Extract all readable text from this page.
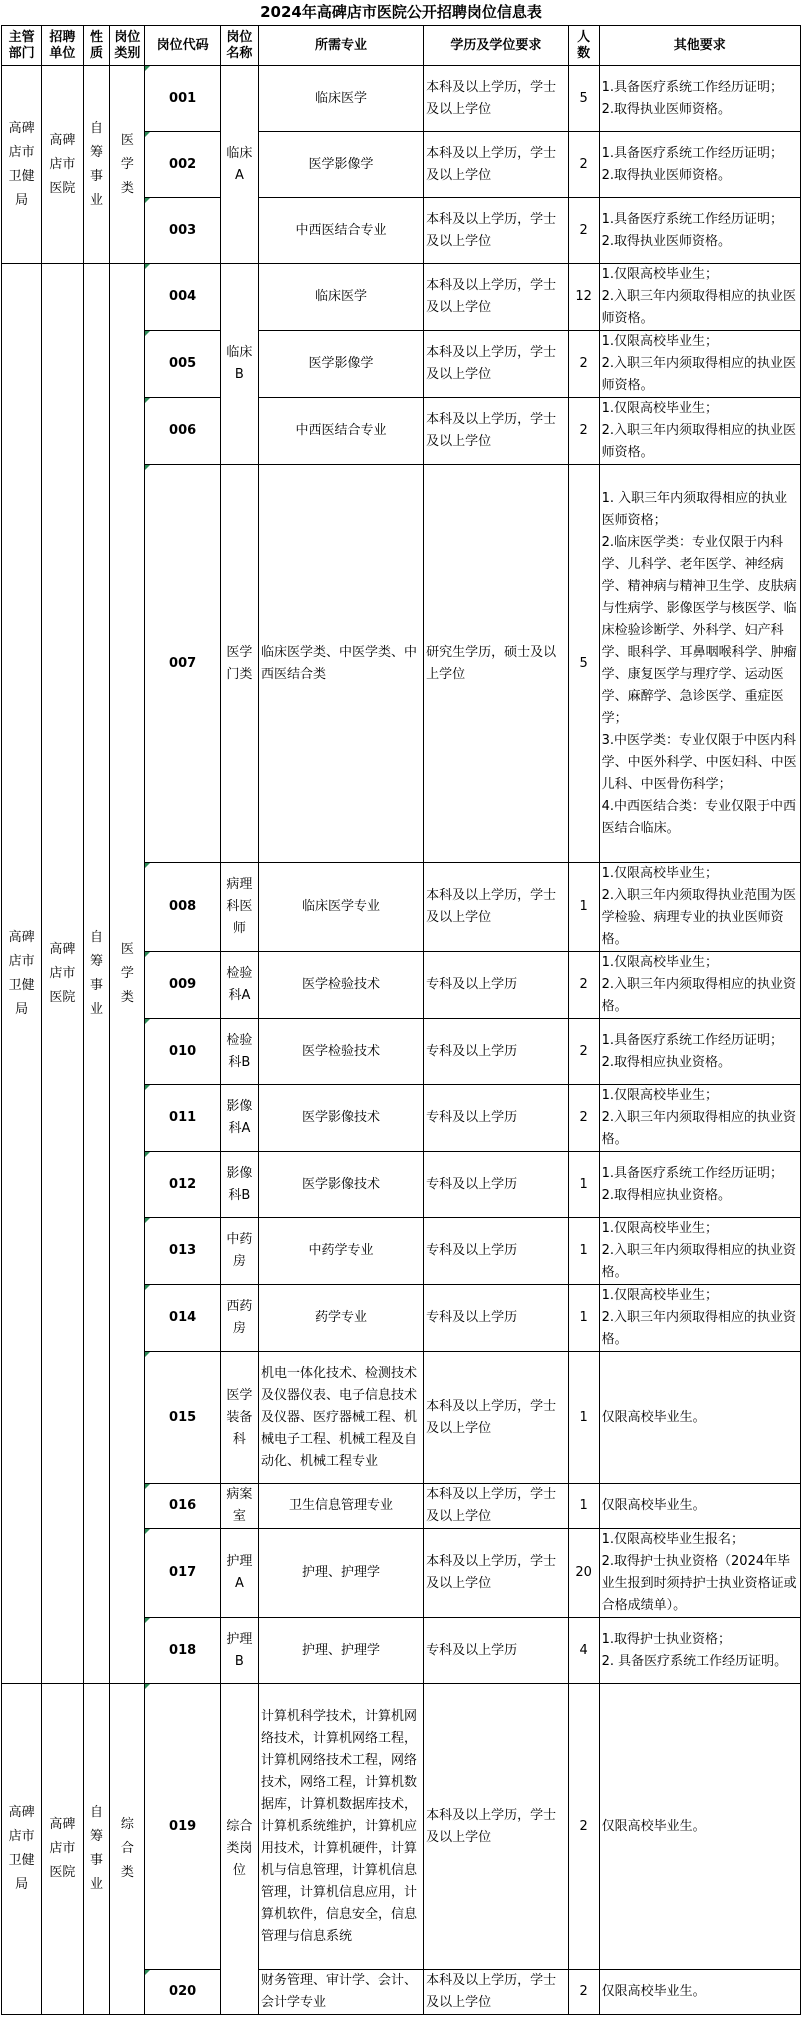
2024年高碑店市医院公开招聘岗位信息表
主管部门	招聘单位	性质	岗位类别	岗位代码	岗位名称	所需专业	学历及学位要求	人数	其他要求
高碑店市卫健局	高碑店市医院	自筹事业	医学类	001	临床A	临床医学	本科及以上学历，学士及以上学位	5	1.具备医疗系统工作经历证明；
2.取得执业医师资格。
				002		医学影像学	本科及以上学历，学士及以上学位	2	1.具备医疗系统工作经历证明；
2.取得执业医师资格。
				003		中西医结合专业	本科及以上学历，学士及以上学位	2	1.具备医疗系统工作经历证明；
2.取得执业医师资格。
高碑店市卫健局	高碑店市医院	自筹事业	医学类	004	临床B	临床医学	本科及以上学历，学士及以上学位	12	1.仅限高校毕业生；
2.入职三年内须取得相应的执业医师资格。
				005		医学影像学	本科及以上学历，学士及以上学位	2	1.仅限高校毕业生；
2.入职三年内须取得相应的执业医师资格。
				006		中西医结合专业	本科及以上学历，学士及以上学位	2	1.仅限高校毕业生；
2.入职三年内须取得相应的执业医师资格。
				007	医学门类	临床医学类、中医学类、中西医结合类	研究生学历，硕士及以上学位	5	1. 入职三年内须取得相应的执业医师资格；
2.临床医学类：专业仅限于内科学、儿科学、老年医学、神经病学、精神病与精神卫生学、皮肤病与性病学、影像医学与核医学、临床检验诊断学、外科学、妇产科学、眼科学、耳鼻咽喉科学、肿瘤学、康复医学与理疗学、运动医学、麻醉学、急诊医学、重症医学；
3.中医学类：专业仅限于中医内科学、中医外科学、中医妇科、中医儿科、中医骨伤科学；
4.中西医结合类：专业仅限于中西医结合临床。
				008	病理科医师	临床医学专业	本科及以上学历，学士及以上学位	1	1.仅限高校毕业生；
2.入职三年内须取得执业范围为医学检验、病理专业的执业医师资格。
				009	检验科A	医学检验技术	专科及以上学历	2	1.仅限高校毕业生；
2.入职三年内须取得相应的执业资格。
				010	检验科B	医学检验技术	专科及以上学历	2	1.具备医疗系统工作经历证明；
2.取得相应执业资格。
				011	影像科A	医学影像技术	专科及以上学历	2	1.仅限高校毕业生；
2.入职三年内须取得相应的执业资格。
				012	影像科B	医学影像技术	专科及以上学历	1	1.具备医疗系统工作经历证明；
2.取得相应执业资格。
				013	中药房	中药学专业	专科及以上学历	1	1.仅限高校毕业生；
2.入职三年内须取得相应的执业资格。
				014	西药房	药学专业	专科及以上学历	1	1.仅限高校毕业生；
2.入职三年内须取得相应的执业资格。
				015	医学装备科	机电一体化技术、检测技术及仪器仪表、电子信息技术及仪器、医疗器械工程、机械电子工程、机械工程及自动化、机械工程专业	本科及以上学历，学士及以上学位	1	仅限高校毕业生。
				016	病案室	卫生信息管理专业	本科及以上学历，学士及以上学位	1	仅限高校毕业生。
				017	护理A	护理、护理学	本科及以上学历，学士及以上学位	20	1.仅限高校毕业生报名；
2.取得护士执业资格（2024年毕业生报到时须持护士执业资格证或合格成绩单）。
				018	护理B	护理、护理学	专科及以上学历	4	1.取得护士执业资格；
2. 具备医疗系统工作经历证明。
高碑店市卫健局	高碑店市医院	自筹事业	综合类	019	综合类岗位	计算机科学技术，计算机网络技术，计算机网络工程，计算机网络技术工程，网络技术，网络工程，计算机数据库，计算机数据库技术，计算机系统维护，计算机应用技术，计算机硬件，计算机与信息管理，计算机信息管理，计算机信息应用，计算机软件，信息安全，信息管理与信息系统	本科及以上学历，学士及以上学位	2	仅限高校毕业生。
				020		财务管理、审计学、会计、会计学专业	本科及以上学历，学士及以上学位	2	仅限高校毕业生。
